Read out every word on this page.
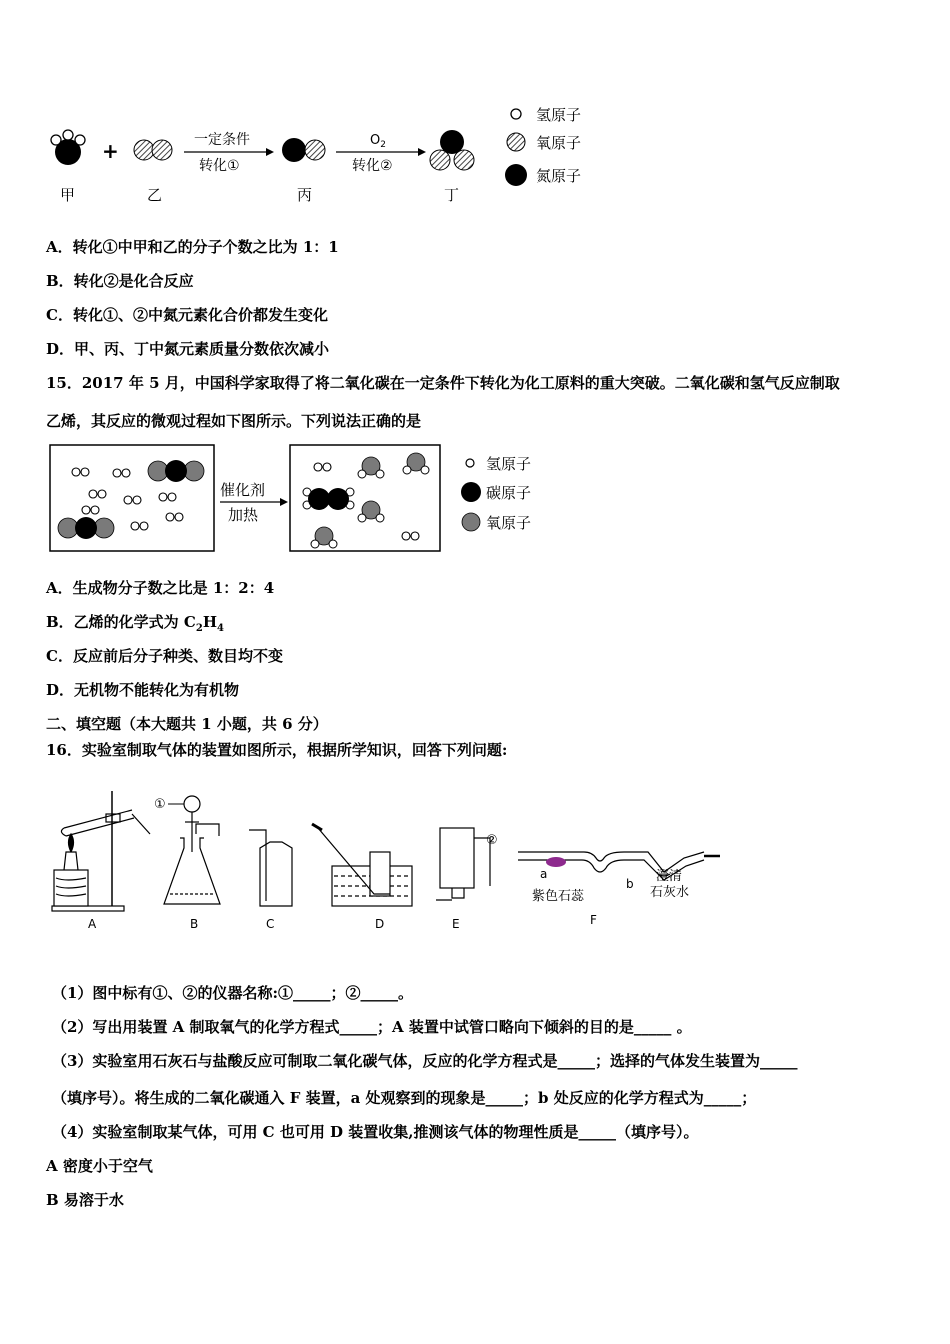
+	一定条件
转化①
$O_2$
转化②
甲	乙	丙	丁
氢原子
氧原子
氮原子
A．转化①中甲和乙的分子个数之比为 1：1
B．转化②是化合反应
C．转化①、②中氮元素化合价都发生变化
D．甲、丙、丁中氮元素质量分数依次减小
15．2017 年 5 月，中国科学家取得了将二氧化碳在一定条件下转化为化工原料的重大突破。二氧化碳和氢气反应制取
乙烯，其反应的微观过程如下图所示。下列说法正确的是
催化剂
加热
氢原子
碳原子
氧原子
A．生成物分子数之比是 1：2：4
B．乙烯的化学式为 $C_2H_4$
C．反应前后分子种类、数目均不变
D．无机物不能转化为有机物
二、填空题（本大题共 1 小题，共 6 分）
16．实验室制取气体的装置如图所示，根据所学知识，回答下列问题:
A
①
B	C	D
②
E
a
紫色石蕊
b 澄清
石灰水
F
（1）图中标有①、②的仪器名称:①_____；②_____。
（2）写出用装置 A 制取氧气的化学方程式_____；A 装置中试管口略向下倾斜的目的是_____ 。
（3）实验室用石灰石与盐酸反应可制取二氧化碳气体，反应的化学方程式是_____；选择的气体发生装置为_____
（填序号）。将生成的二氧化碳通入 F 装置，a 处观察到的现象是_____；b 处反应的化学方程式为_____；
（4）实验室制取某气体，可用 C 也可用 D 装置收集,推测该气体的物理性质是_____（填序号）。
A 密度小于空气
B 易溶于水
